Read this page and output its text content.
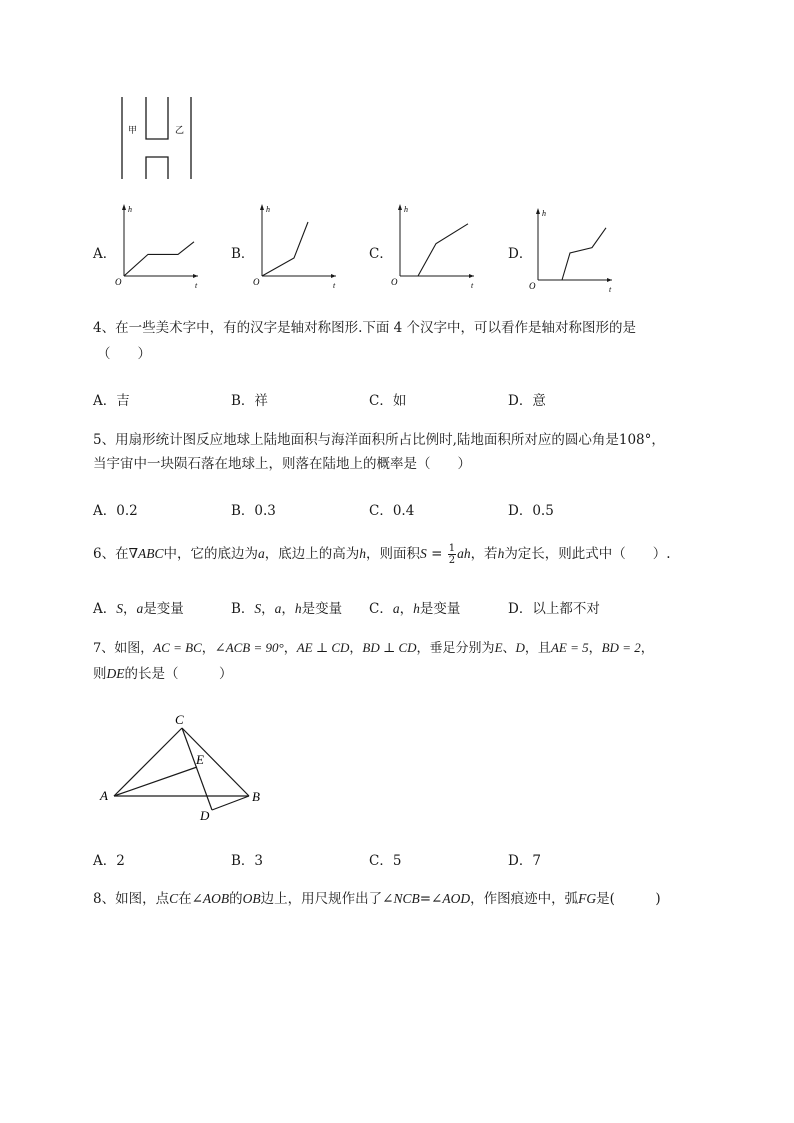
甲	乙
A．	B．	C．	D．
h
t
O
h
t
O
h
t
O
h
t
O
4、在一些美术字中，有的汉字是轴对称图形.下面 4 个汉字中，可以看作是轴对称图形的是
（　　）
A．吉	B．祥	C．如	D．意
5、用扇形统计图反应地球上陆地面积与海洋面积所占比例时,陆地面积所对应的圆心角是108°，
当宇宙中一块陨石落在地球上，则落在陆地上的概率是（　　）
A．0.2	B．0.3	C．0.4	D．0.5
6、在∇ABC中，它的底边为a，底边上的高为h，则面积$S = \frac{1}{2}$ ah，若h为定长，则此式中（　　）.
A．S，a是变量	B．S，a，h是变量 C．a，h是变量	D．以上都不对
7、如图，AC = BC，∠ACB = 90°，AE ⊥ CD，BD ⊥ CD，垂足分别为E、D，且AE = 5，BD = 2，
则DE的长是（　　　）
C
E
A	B
D
A．2	B．3	C．5	D．7
8、如图，点C在∠AOB的OB边上，用尺规作出了∠NCB=∠AOD，作图痕迹中，弧FG是(　　　)
